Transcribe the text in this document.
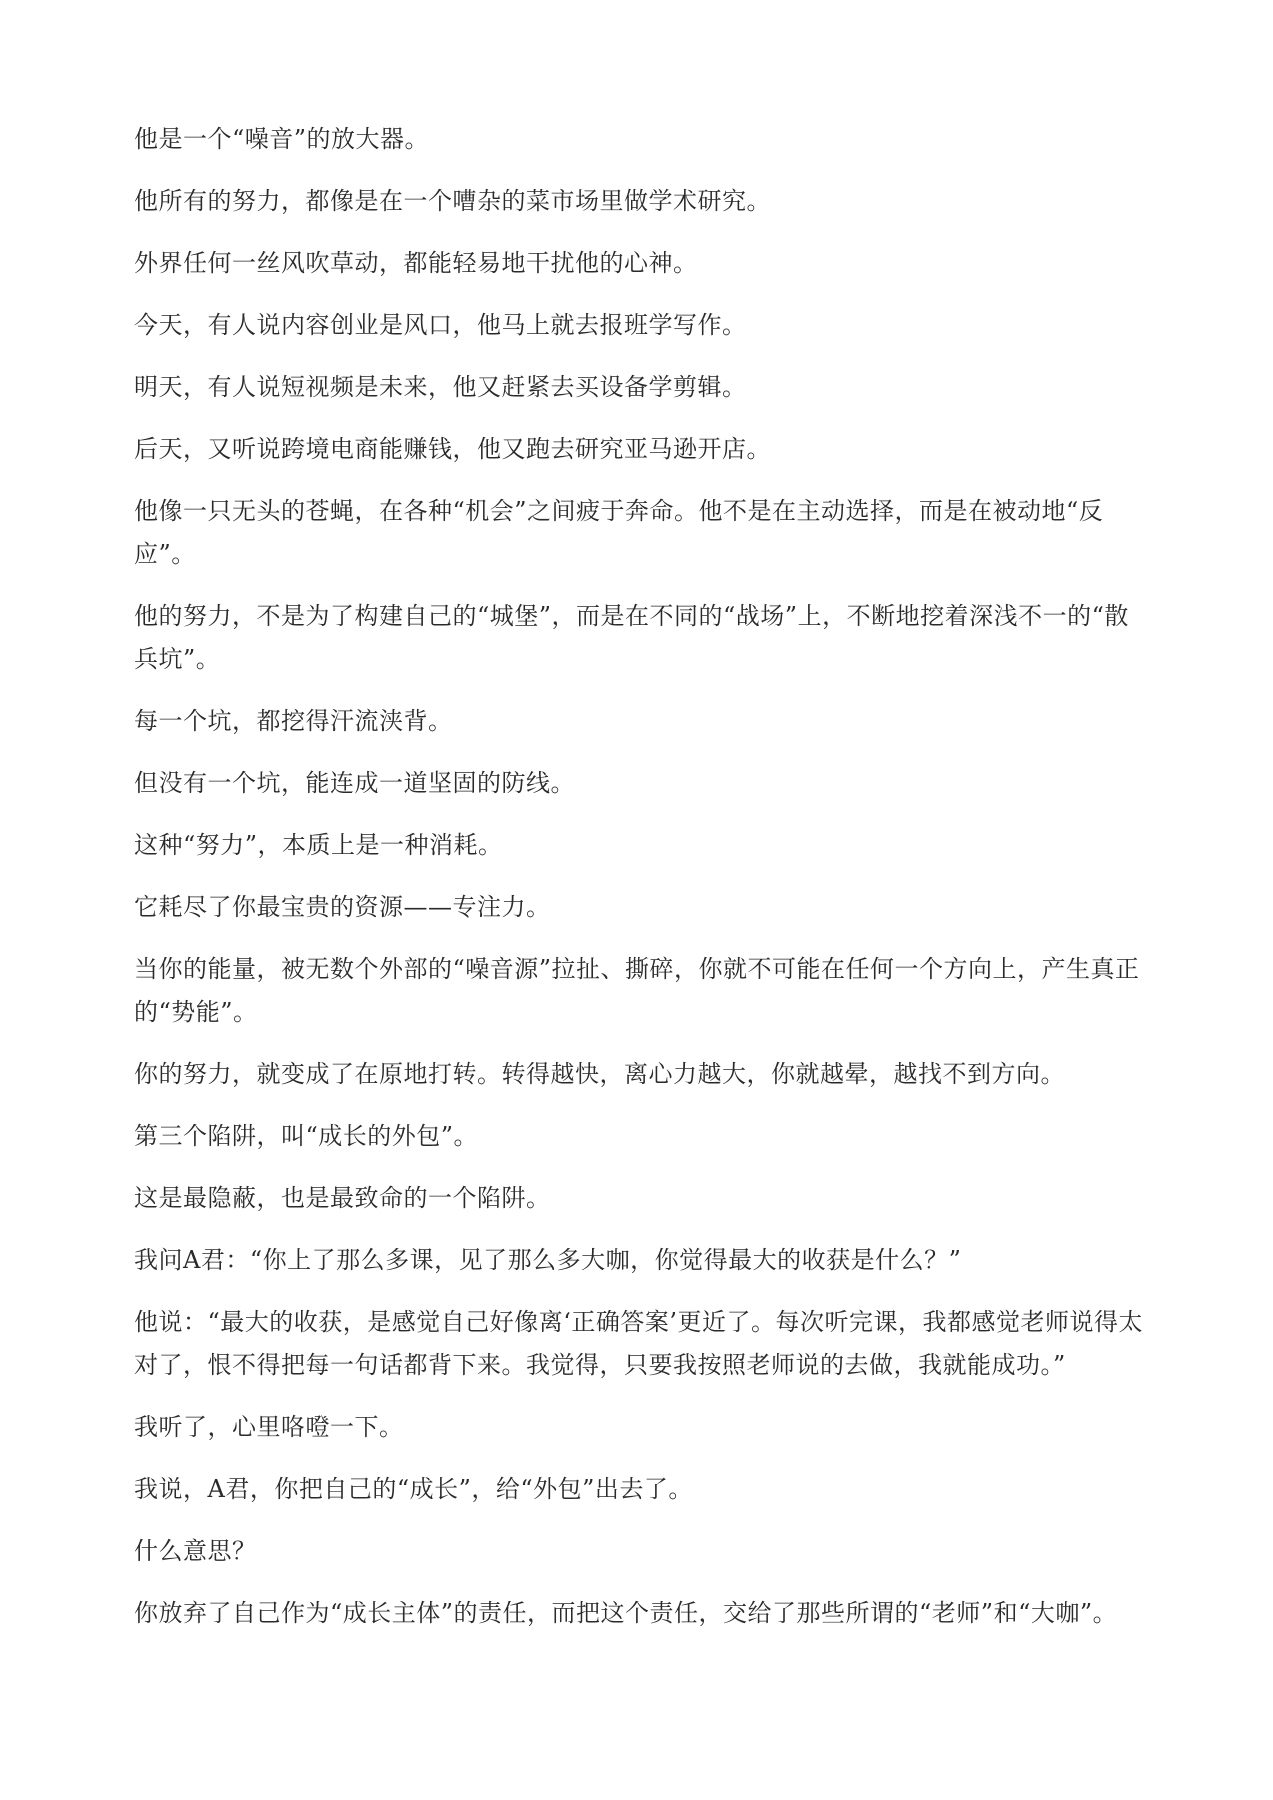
他是一个“噪音”的放大器。

他所有的努力，都像是在一个嘈杂的菜市场里做学术研究。

外界任何一丝风吹草动，都能轻易地干扰他的心神。

今天，有人说内容创业是风口，他马上就去报班学写作。

明天，有人说短视频是未来，他又赶紧去买设备学剪辑。

后天，又听说跨境电商能赚钱，他又跑去研究亚马逊开店。

他像一只无头的苍蝇，在各种“机会”之间疲于奔命。他不是在主动选择，而是在被动地“反应”。

他的努力，不是为了构建自己的“城堡”，而是在不同的“战场”上，不断地挖着深浅不一的“散兵坑”。

每一个坑，都挖得汗流浃背。

但没有一个坑，能连成一道坚固的防线。

这种“努力”，本质上是一种消耗。

它耗尽了你最宝贵的资源——专注力。

当你的能量，被无数个外部的“噪音源”拉扯、撕碎，你就不可能在任何一个方向上，产生真正的“势能”。

你的努力，就变成了在原地打转。转得越快，离心力越大，你就越晕，越找不到方向。

第三个陷阱，叫“成长的外包”。

这是最隐蔽，也是最致命的一个陷阱。

我问A君：“你上了那么多课，见了那么多大咖，你觉得最大的收获是什么？”

他说：“最大的收获，是感觉自己好像离‘正确答案’更近了。每次听完课，我都感觉老师说得太对了，恨不得把每一句话都背下来。我觉得，只要我按照老师说的去做，我就能成功。”

我听了，心里咯噔一下。

我说，A君，你把自己的“成长”，给“外包”出去了。

什么意思？

你放弃了自己作为“成长主体”的责任，而把这个责任，交给了那些所谓的“老师”和“大咖”。
